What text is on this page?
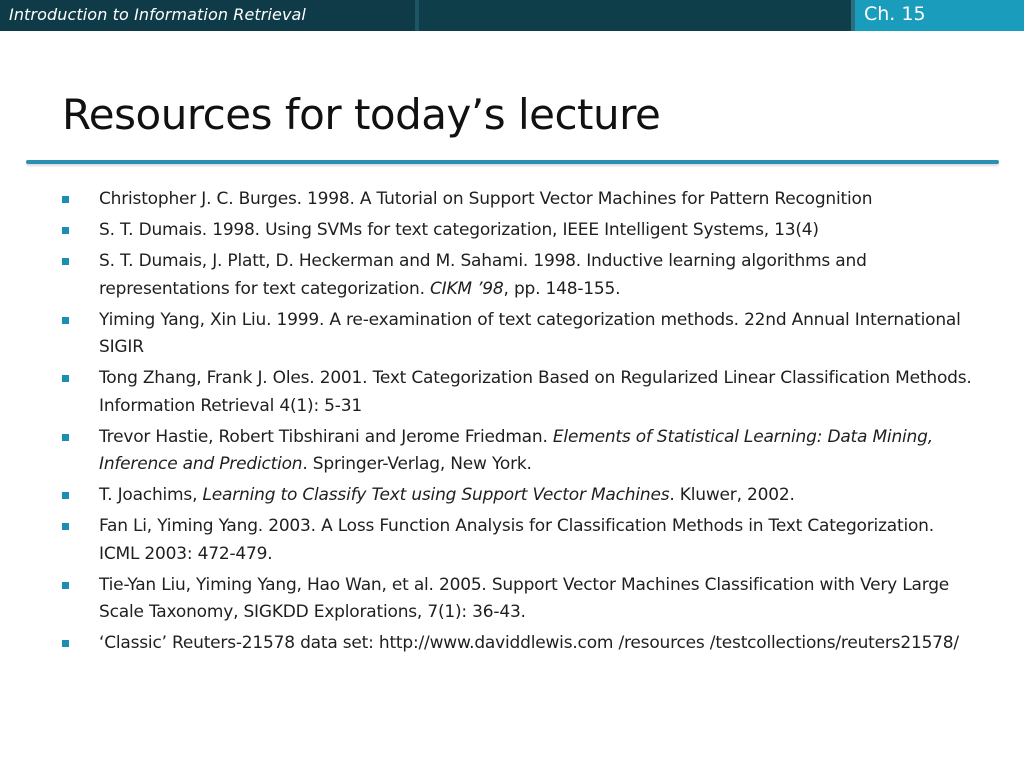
Introduction to Information Retrieval	Ch. 15
Resources for today’s lecture
Christopher J. C. Burges. 1998. A Tutorial on Support Vector Machines for Pattern Recognition
S. T. Dumais. 1998. Using SVMs for text categorization, IEEE Intelligent Systems, 13(4)
S. T. Dumais, J. Platt, D. Heckerman and M. Sahami. 1998. Inductive learning algorithms and representations for text categorization. CIKM ’98, pp. 148-155.
Yiming Yang, Xin Liu. 1999. A re-examination of text categorization methods. 22nd Annual International SIGIR
Tong Zhang, Frank J. Oles. 2001. Text Categorization Based on Regularized Linear Classification Methods. Information Retrieval 4(1): 5-31
Trevor Hastie, Robert Tibshirani and Jerome Friedman. Elements of Statistical Learning: Data Mining, Inference and Prediction. Springer-Verlag, New York.
T. Joachims, Learning to Classify Text using Support Vector Machines. Kluwer, 2002.
Fan Li, Yiming Yang. 2003. A Loss Function Analysis for Classification Methods in Text Categorization. ICML 2003: 472-479.
Tie-Yan Liu, Yiming Yang, Hao Wan, et al. 2005. Support Vector Machines Classification with Very Large Scale Taxonomy, SIGKDD Explorations, 7(1): 36-43.
‘Classic’ Reuters-21578 data set: http://www.daviddlewis.com /resources /testcollections/reuters21578/
